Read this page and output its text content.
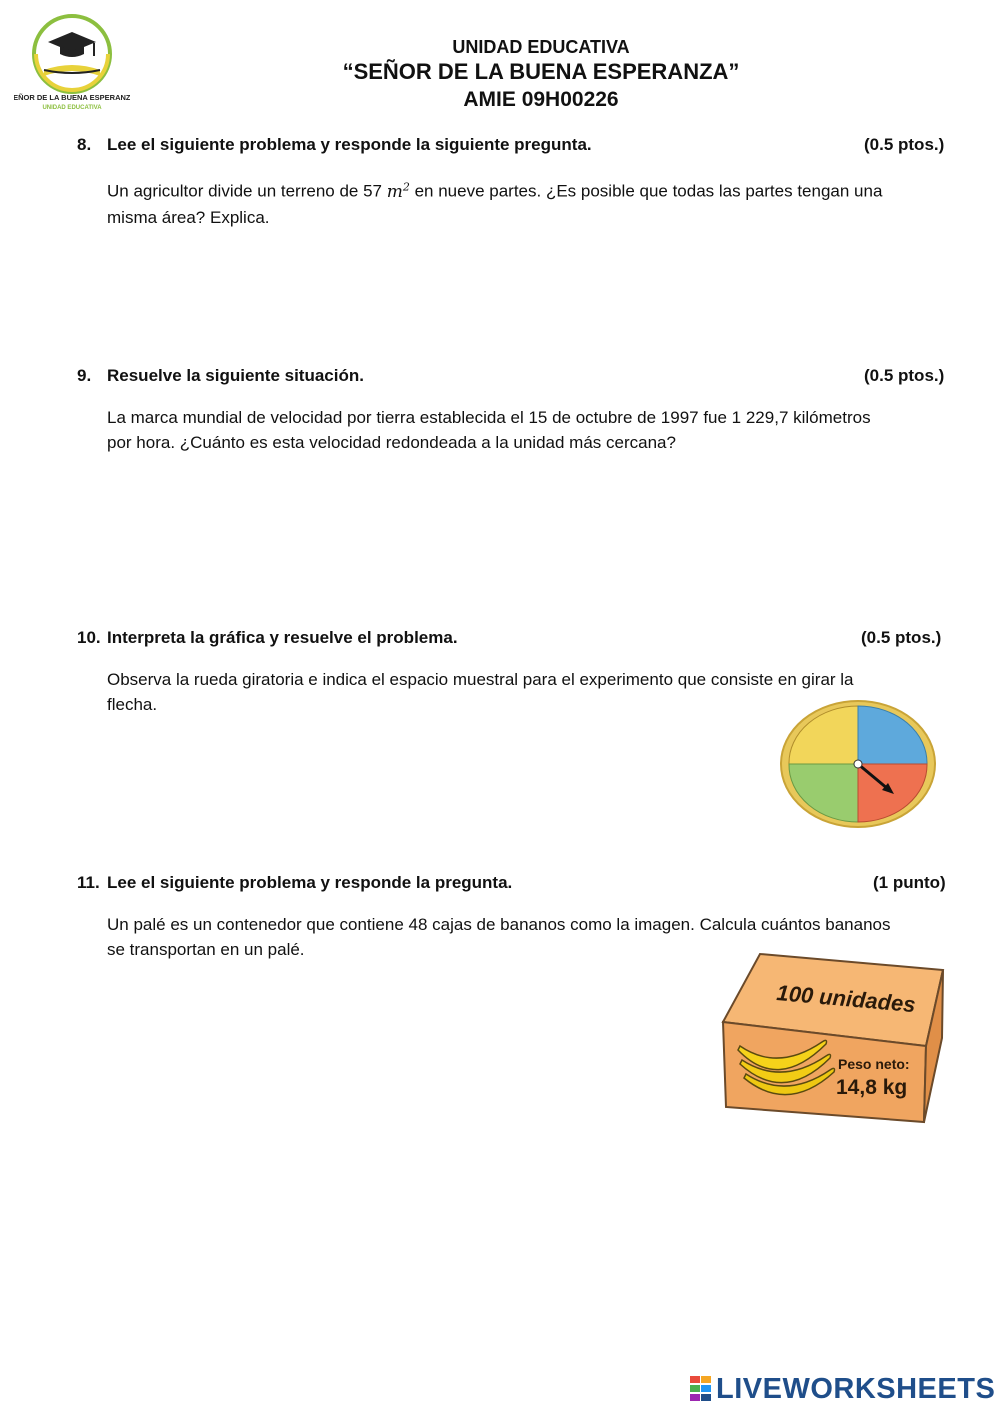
SEÑOR DE LA BUENA ESPERANZA
UNIDAD EDUCATIVA
UNIDAD EDUCATIVA
“SEÑOR DE LA BUENA ESPERANZA”
AMIE 09H00226
8. Lee el siguiente problema y responde la siguiente pregunta.	(0.5 ptos.)
Un agricultor divide un terreno de 57 $m^2$ en nueve partes. ¿Es posible que todas las partes tengan una
misma área? Explica.
9. Resuelve la siguiente situación.	(0.5 ptos.)
La marca mundial de velocidad por tierra establecida el 15 de octubre de 1997 fue 1 229,7 kilómetros
por hora. ¿Cuánto es esta velocidad redondeada a la unidad más cercana?
10. Interpreta la gráfica y resuelve el problema.	(0.5 ptos.)
Observa la rueda giratoria e indica el espacio muestral para el experimento que consiste en girar la
flecha.
11. Lee el siguiente problema y responde la pregunta.	(1 punto)
Un palé es un contenedor que contiene 48 cajas de bananos como la imagen. Calcula cuántos bananos
se transportan en un palé.
100 unidades
Peso neto:
14,8 kg
LIVEWORKSHEETS
